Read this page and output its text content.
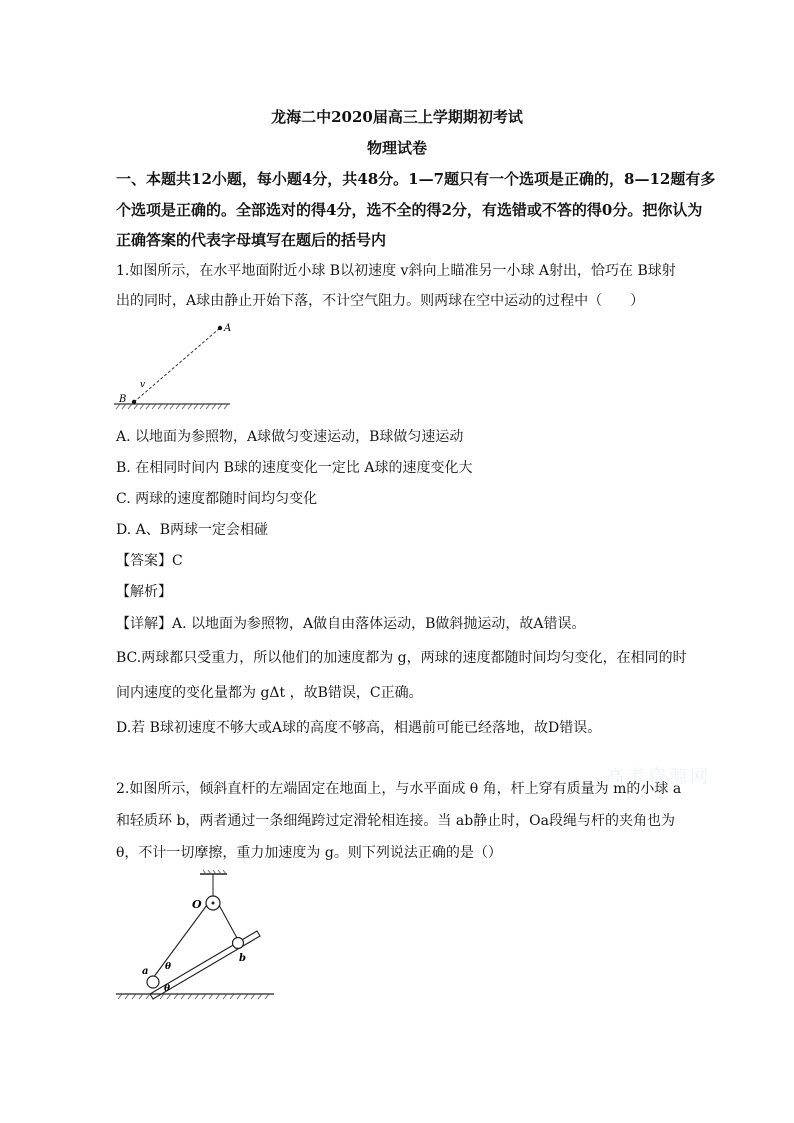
龙海二中2020届高三上学期期初考试
物理试卷
一、本题共12小题，每小题4分，共48分。1—7题只有一个选项是正确的，8—12题有多
个选项是正确的。全部选对的得4分，选不全的得2分，有选错或不答的得0分。把你认为
正确答案的代表字母填写在题后的括号内
1.如图所示，在水平地面附近小球 B以初速度 v斜向上瞄准另一小球 A射出，恰巧在 B球射
出的同时，A球由静止开始下落，不计空气阻力。则两球在空中运动的过程中（　　）
A
B
v
A. 以地面为参照物，A球做匀变速运动，B球做匀速运动
B. 在相同时间内 B球的速度变化一定比 A球的速度变化大
C. 两球的速度都随时间均匀变化
D. A、B两球一定会相碰
【答案】C
【解析】
【详解】A. 以地面为参照物，A做自由落体运动，B做斜抛运动，故A错误。
BC.两球都只受重力，所以他们的加速度都为 g，两球的速度都随时间均匀变化，在相同的时
间内速度的变化量都为 gΔt ，故B错误，C正确。
D.若 B球初速度不够大或A球的高度不够高，相遇前可能已经落地，故D错误。
高考资源网
2.如图所示，倾斜直杆的左端固定在地面上，与水平面成 θ 角，杆上穿有质量为 m的小球 a
和轻质环 b，两者通过一条细绳跨过定滑轮相连接。当 ab静止时，Oa段绳与杆的夹角也为
θ，不计一切摩擦，重力加速度为 g。则下列说法正确的是（）
O
a
b
θ
θ
